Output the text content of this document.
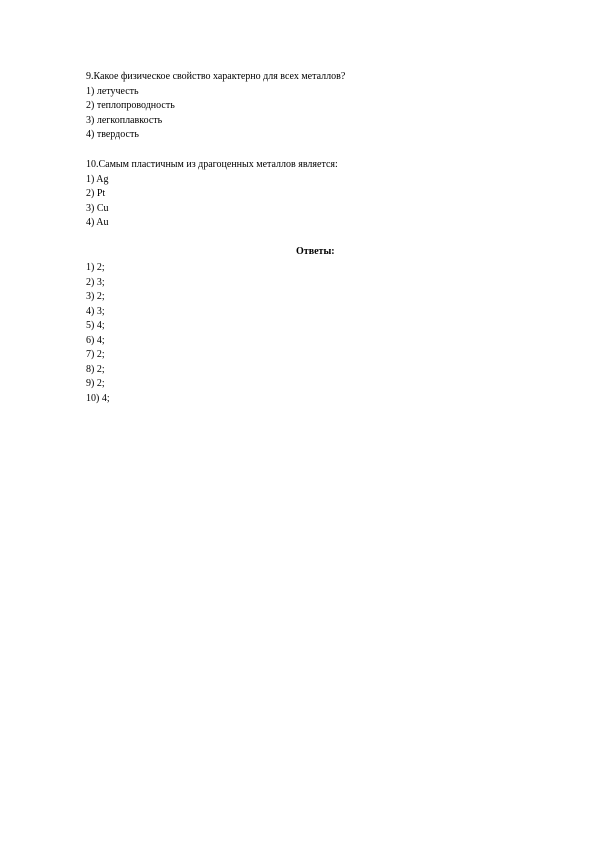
9.Какое физическое свойство характерно для всех металлов?
1) летучесть
2) теплопроводность
3) легкоплавкость
4) твердость
10.Самым пластичным из драгоценных металлов является:
1) Ag
2) Pt
3) Cu
4) Au
Ответы:
1) 2;
2) 3;
3) 2;
4) 3;
5) 4;
6) 4;
7) 2;
8) 2;
9) 2;
10) 4;
